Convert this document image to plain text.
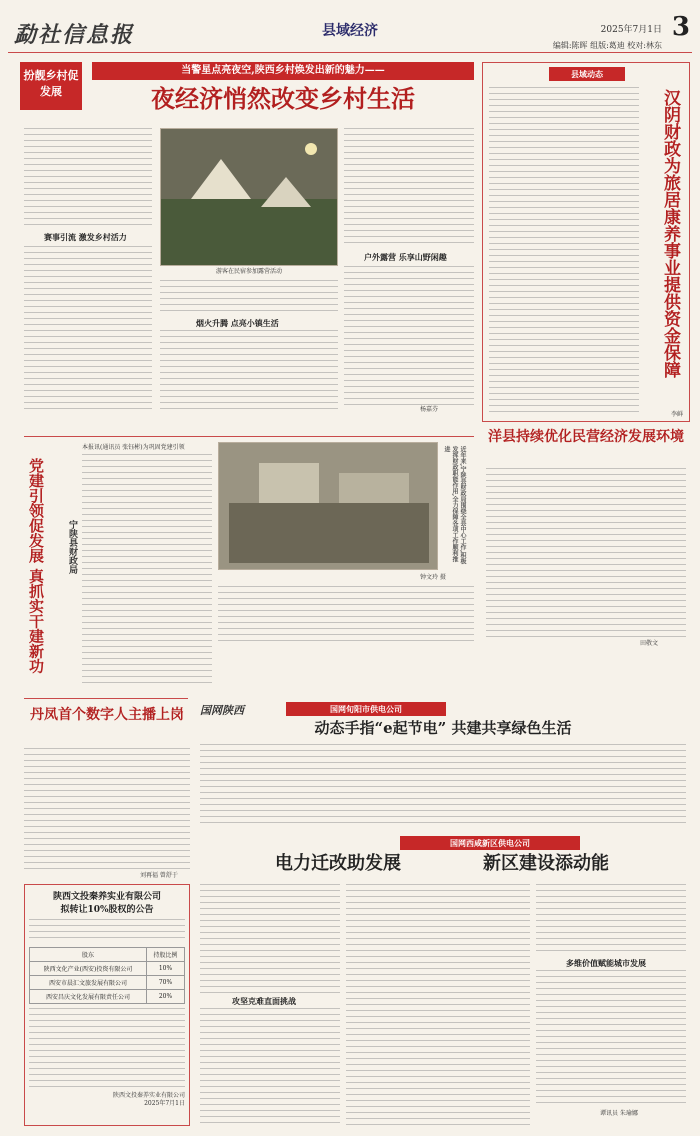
勐社信息报	县域经济	2025年7月1日 3
编辑:陈晖 组版:葛迪 校对:林东
扮靓乡村促发展
当警星点亮夜空,陕西乡村焕发出新的魅力——
夜经济悄然改变乡村生活
赛事引流 激发乡村活力
游客在民宿参加露营活动
烟火升腾 点亮小镇生活
户外露营 乐享山野闲趣
杨嘉芬
县域动态
汉阴财政为旅居康养事业提供资金保障
李鲜
洋县持续优化民营经济发展环境
田敬文
党建引领促发展 真抓实干建新功 宁陕县财政局
本报讯(通讯员 张钰彬)为巩固党建引领	近年来,宁陕县财政局围绕全县中心工作,积极发挥财政职能作用,全力保障各项工作顺利推进
钟文玲 摄
丹凤首个数字人主播上岗
刘再福 曾舒于
陕西文投秦养实业有限公司
拟转让10%股权的公告
股东	持股比例
陕西文化产业(西安)投资有限公司	10%
西安市晨汇文旅发展有限公司	70%
西安昌庆文化发展有限责任公司	20%
陕西文投秦养实业有限公司
2025年7月1日
国网陕西	国网旬阳市供电公司
动态手指“e起节电” 共建共享绿色生活
国网西咸新区供电公司
电力迁改助发展	新区建设添动能
攻坚克难直面挑战
多维价值赋能城市发展
谭讯员 朱瑜娜
